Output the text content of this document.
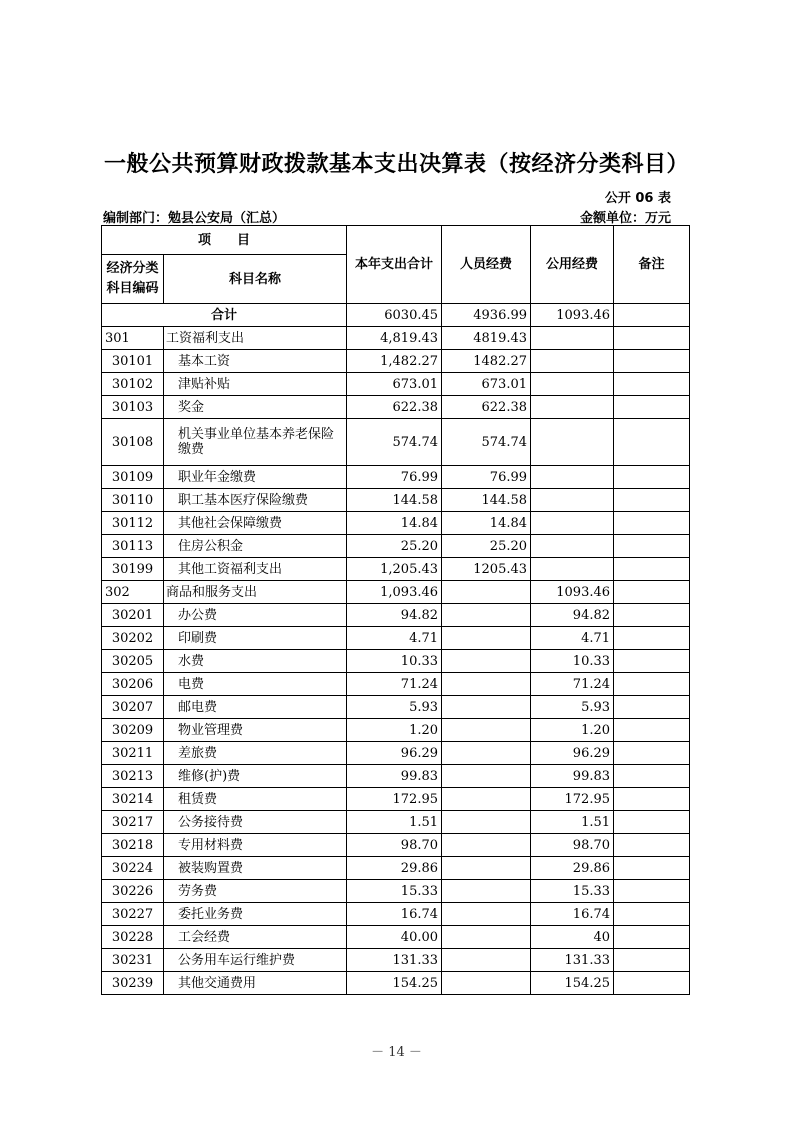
一般公共预算财政拨款基本支出决算表（按经济分类科目）
公开 06 表
编制部门：勉县公安局（汇总）	金额单位：万元
项　　目		本年支出合计	人员经费	公用经费	备注
经济分类科目编码	科目名称				
合计		6030.45	4936.99	1093.46	
301	工资福利支出	4,819.43	4819.43		
30101	基本工资	1,482.27	1482.27		
30102	津贴补贴	673.01	673.01		
30103	奖金	622.38	622.38		
30108	机关事业单位基本养老保险缴费	574.74	574.74		
30109	职业年金缴费	76.99	76.99		
30110	职工基本医疗保险缴费	144.58	144.58		
30112	其他社会保障缴费	14.84	14.84		
30113	住房公积金	25.20	25.20		
30199	其他工资福利支出	1,205.43	1205.43		
302	商品和服务支出	1,093.46		1093.46	
30201	办公费	94.82		94.82	
30202	印刷费	4.71		4.71	
30205	水费	10.33		10.33	
30206	电费	71.24		71.24	
30207	邮电费	5.93		5.93	
30209	物业管理费	1.20		1.20	
30211	差旅费	96.29		96.29	
30213	维修(护)费	99.83		99.83	
30214	租赁费	172.95		172.95	
30217	公务接待费	1.51		1.51	
30218	专用材料费	98.70		98.70	
30224	被装购置费	29.86		29.86	
30226	劳务费	15.33		15.33	
30227	委托业务费	16.74		16.74	
30228	工会经费	40.00		40	
30231	公务用车运行维护费	131.33		131.33	
30239	其他交通费用	154.25		154.25	
－ 14 －
